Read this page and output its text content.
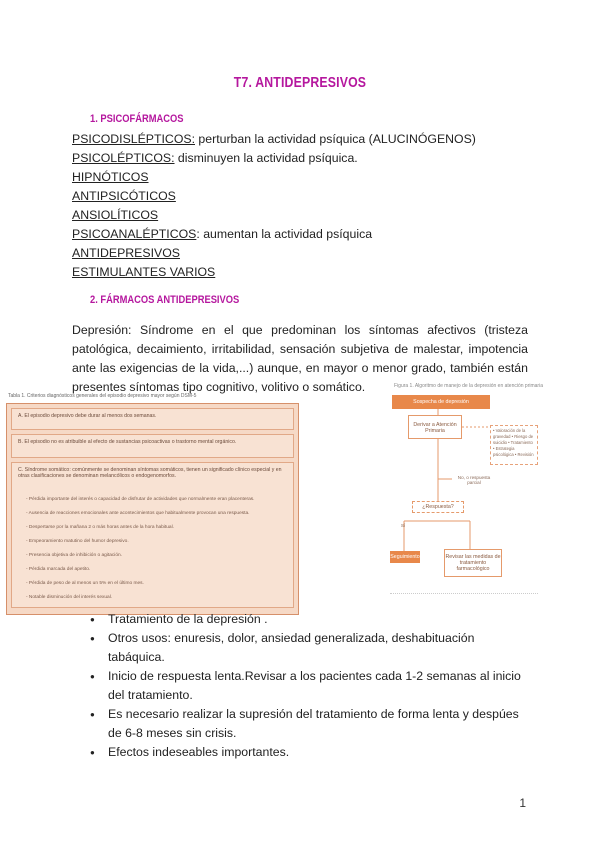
T7. ANTIDEPRESIVOS
1. PSICOFÁRMACOS
PSICODISLÉPTICOS: perturban la actividad psíquica (ALUCINÓGENOS)
PSICOLÉPTICOS: disminuyen la actividad psíquica.
HIPNÓTICOS
ANTIPSICÓTICOS
ANSIOLÍTICOS
PSICOANALÉPTICOS: aumentan la actividad psíquica
ANTIDEPRESIVOS
ESTIMULANTES VARIOS
2. FÁRMACOS ANTIDEPRESIVOS
Depresión: Síndrome en el que predominan los síntomas afectivos (tristeza patológica, decaimiento, irritabilidad, sensación subjetiva de malestar, impotencia ante las exigencias de la vida,...) aunque, en mayor o menor grado, también están presentes síntomas tipo cognitivo, volitivo o somático.
Tabla 1. Criterios diagnósticos generales del episodio depresivo mayor según DSM-5
A. El episodio depresivo debe durar al menos dos semanas.
B. El episodio no es atribuible al efecto de sustancias psicoactivas o trastorno mental orgánico.
C. Síndrome somático: comúnmente se denominan síntomas somáticos, tienen un significado clínico especial y en otras clasificaciones se denominan melancólicos o endogenomorfos.
- Pérdida importante del interés o capacidad de disfrutar de actividades que normalmente eran placenteras.
- Ausencia de reacciones emocionales ante acontecimientos que habitualmente provocan una respuesta.
- Despertarse por la mañana 2 o más horas antes de la hora habitual.
- Empeoramiento matutino del humor depresivo.
- Presencia objetiva de inhibición o agitación.
- Pérdida marcada del apetito.
- Pérdida de peso de al menos un 5% en el último mes.
- Notable disminución del interés sexual.
Figura 1. Algoritmo de manejo de la depresión en atención primaria
Sospecha de depresión
Derivar a Atención Primaria	• Valoración de la gravedad • Riesgo de suicidio • Tratamiento • Estrategia psicológica • Revisión
No, o respuesta parcial
¿Respuesta?
Sí
Seguimiento	Revisar las medidas de tratamiento farmacológico
● Tratamiento de la depresión .
● Otros usos: enuresis, dolor, ansiedad generalizada, deshabituación tabáquica.
● Inicio de respuesta lenta.Revisar a los pacientes cada 1-2 semanas al inicio del tratamiento.
● Es necesario realizar la supresión del tratamiento de forma lenta y despúes de 6-8 meses sin crisis.
● Efectos indeseables importantes.
1
